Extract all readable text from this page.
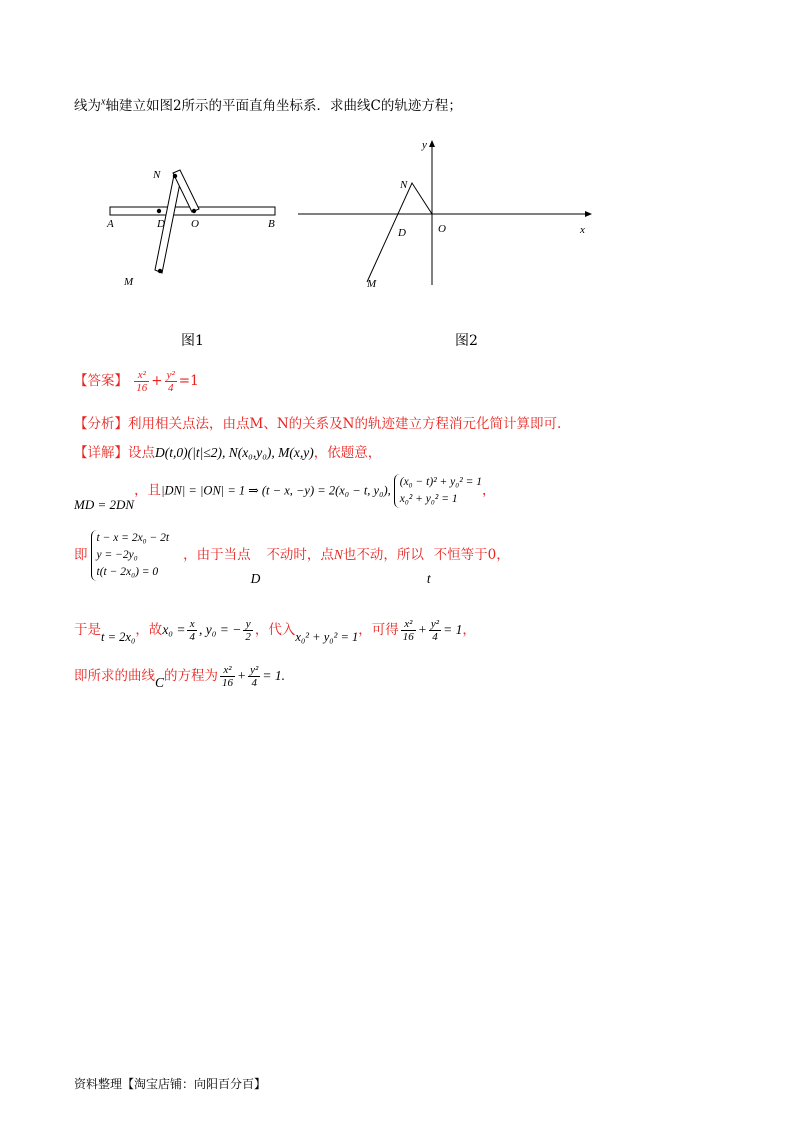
线为$^x$轴建立如图2所示的平面直角坐标系．求曲线C的轨迹方程；
A	B
D O
N
M
y
x
N
D	O
M
图1	图2
【答案】 $\frac{\text{x²}}{16} + \frac{\text{y²}}{4} =1$
【分析】利用相关点法，由点M、N的关系及N的轨迹建立方程消元化简计算即可.
【详解】设点D(t,0)(|t|≤2), N(x₀,y₀), M(x,y)，依题意，
MD = 2DN，且|DN| = |ON| = 1 ⇒ (t − x, −y) = 2(x₀ − t, y₀),
(x₀ − t)² + y₀² = 1
x₀² + y₀² = 1
，
即
t − x = 2x₀ − 2t
y = −2y₀
t(t − 2x₀) = 0
，由于当点D不动时，点N也不动，所以t不恒等于0，
于是t = 2x₀，故$x_0 = \frac{x}{4}$ , y₀ = − $\frac{y}{2}$ ，代入x₀² + y₀² = 1，可得 $\frac{\text{x²}}{16} + \frac{\text{y²}}{4} = 1$，
即所求的曲线C的方程为 $\frac{\text{x²}}{16} + \frac{\text{y²}}{4} = 1$.
资料整理【淘宝店铺：向阳百分百】
